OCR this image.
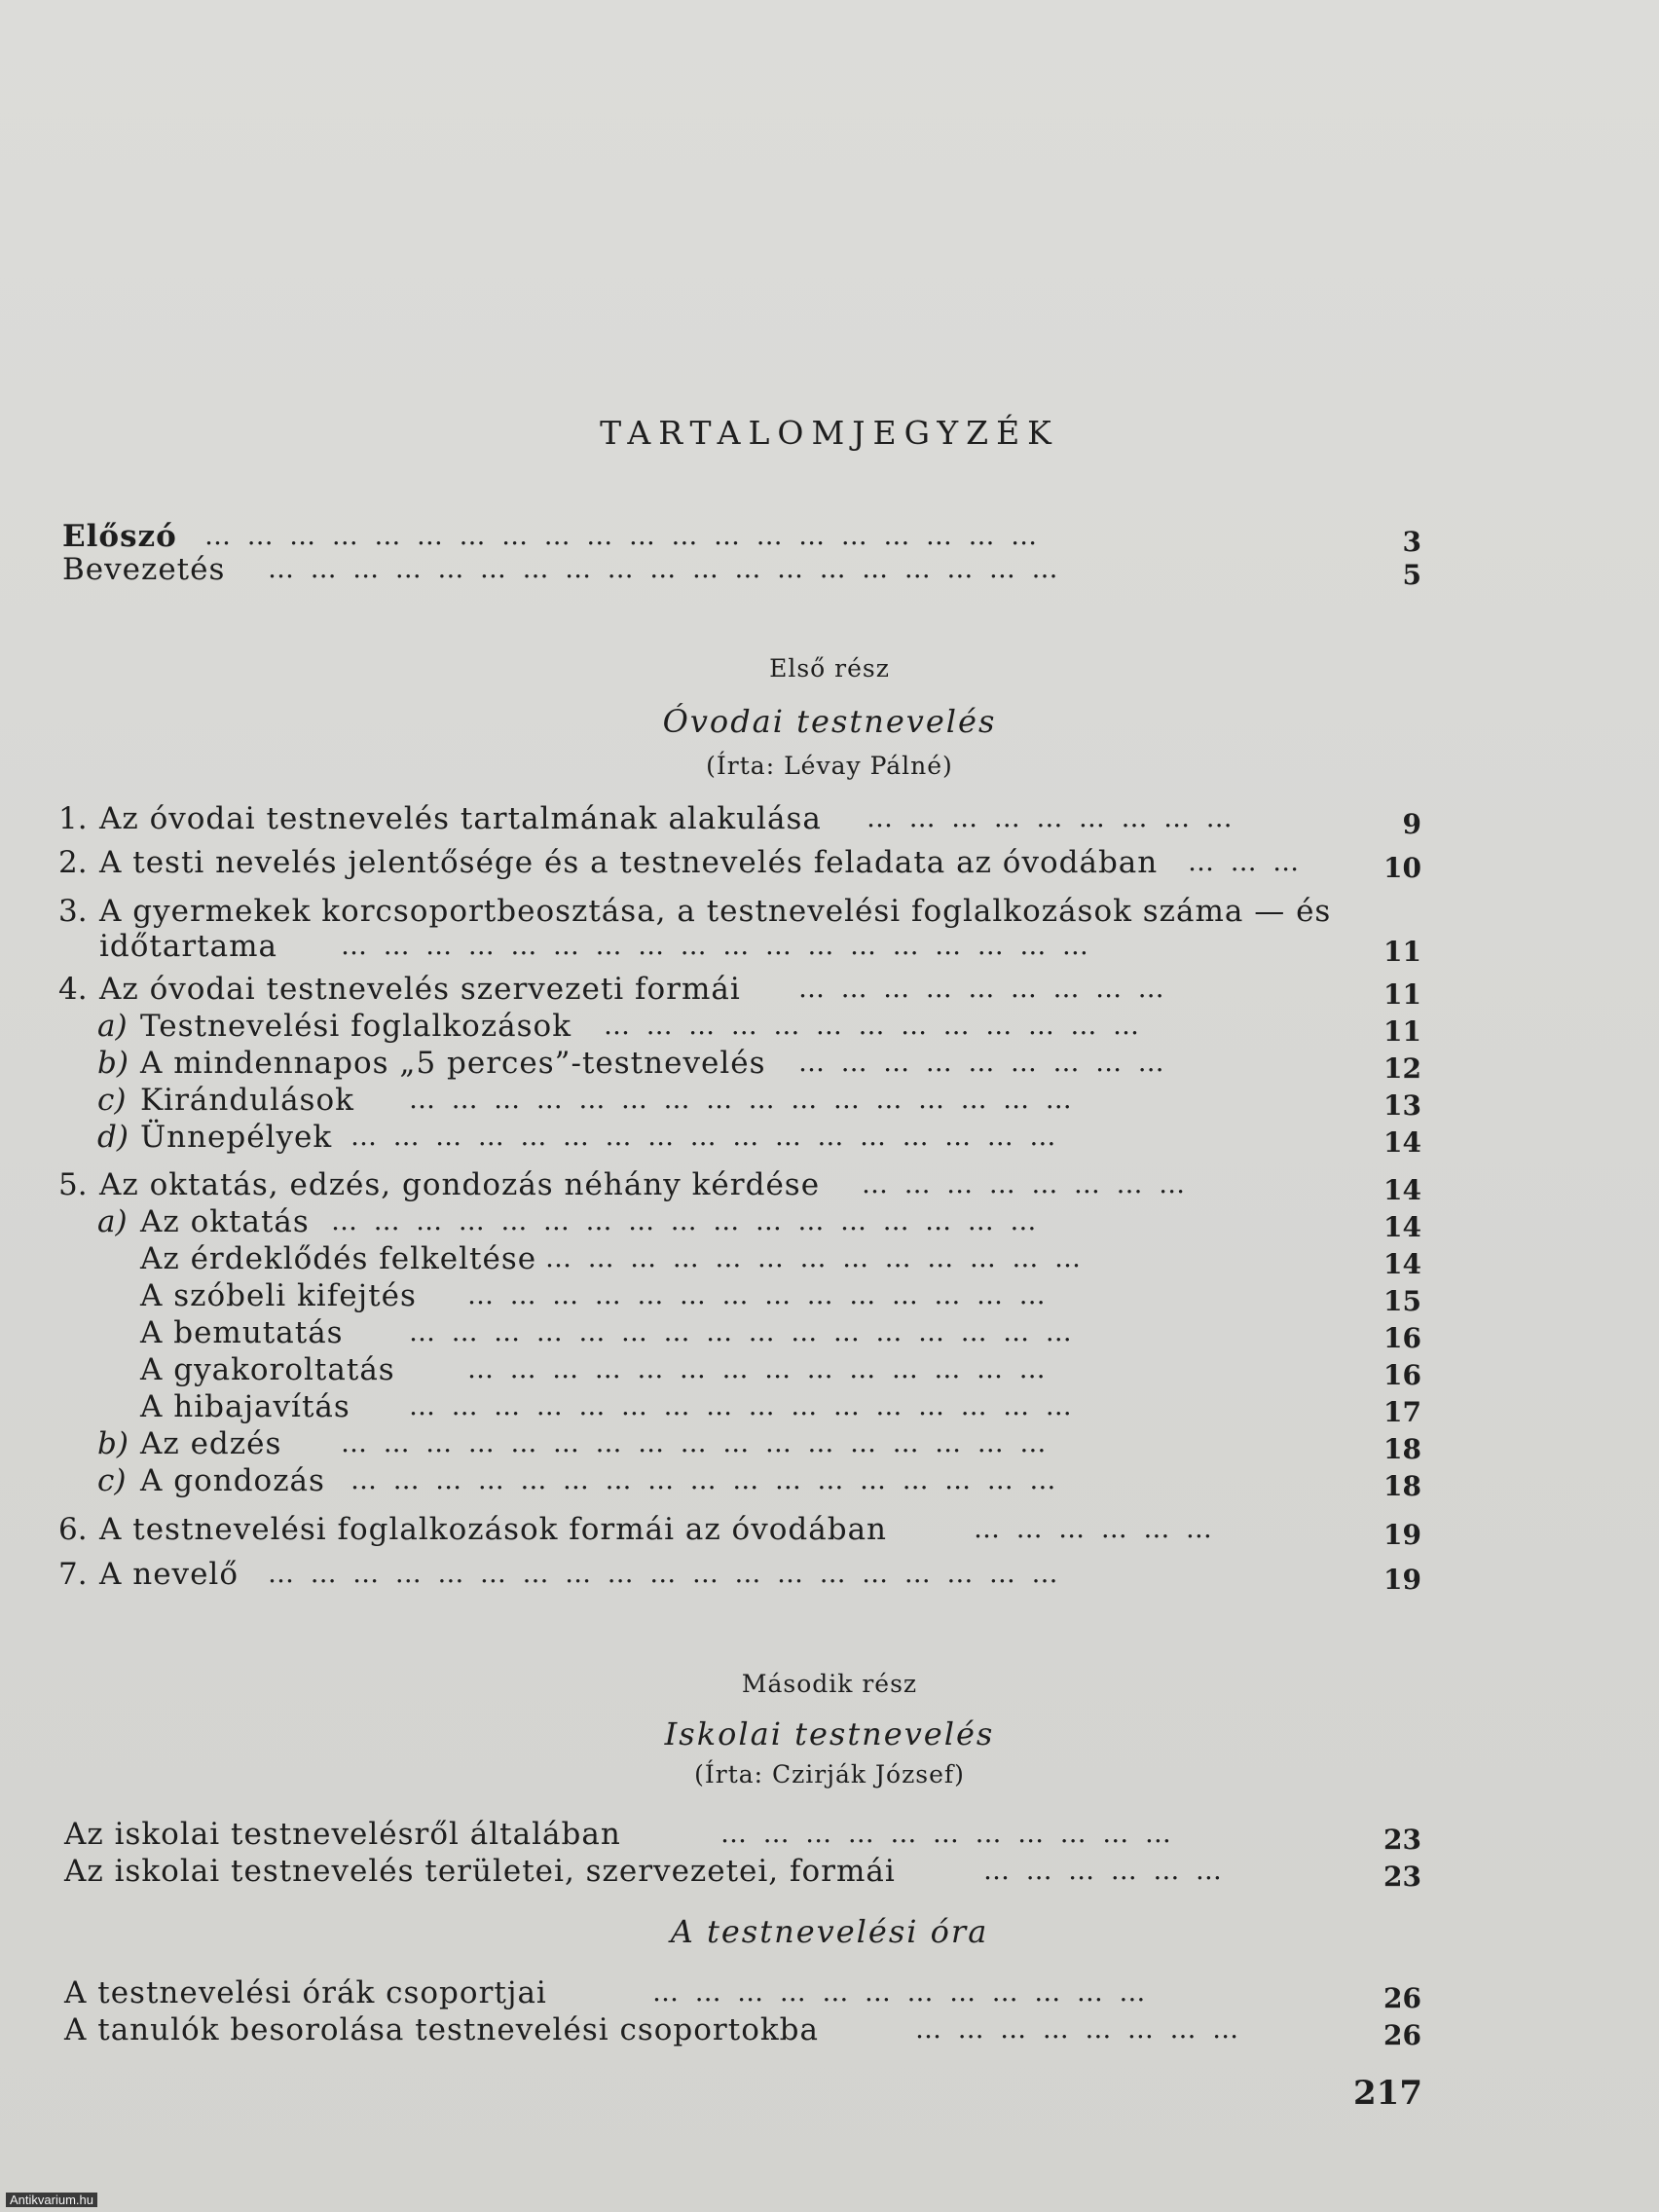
TARTALOMJEGYZÉK
Előszó … … … … … … … … … … … … … … … … … … … …	3
Bevezetés … … … … … … … … … … … … … … … … … … …	5
Első rész
Óvodai testnevelés
(Írta: Lévay Pálné)
1. Az óvodai testnevelés tartalmának alakulása … … … … … … … … …	9
2. A testi nevelés jelentősége és a testnevelés feladata az óvodában … … …	10
3. A gyermekek korcsoportbeosztása, a testnevelési foglalkozások száma — és
időtartama … … … … … … … … … … … … … … … … … …	11
4. Az óvodai testnevelés szervezeti formái … … … … … … … … …	11
a) Testnevelési foglalkozások … … … … … … … … … … … … …	11
b) A mindennapos „5 perces”-testnevelés … … … … … … … … …	12
c) Kirándulások … … … … … … … … … … … … … … … …	13
d) Ünnepélyek … … … … … … … … … … … … … … … … …	14
5. Az oktatás, edzés, gondozás néhány kérdése … … … … … … … …	14
a) Az oktatás … … … … … … … … … … … … … … … … …	14
Az érdeklődés felkeltése … … … … … … … … … … … … …	14
A szóbeli kifejtés … … … … … … … … … … … … … …	15
A bemutatás … … … … … … … … … … … … … … … …	16
A gyakoroltatás	… … … … … … … … … … … … … …	16
A hibajavítás … … … … … … … … … … … … … … … …	17
b) Az edzés … … … … … … … … … … … … … … … … …	18
c) A gondozás … … … … … … … … … … … … … … … … …	18
6. A testnevelési foglalkozások formái az óvodában	… … … … … …	19
7. A nevelő … … … … … … … … … … … … … … … … … … …	19
Második rész
Iskolai testnevelés
(Írta: Czirják József)
Az iskolai testnevelésről általában	… … … … … … … … … … …	23
Az iskolai testnevelés területei, szervezetei, formái	… … … … … …	23
A testnevelési óra
A testnevelési órák csoportjai	… … … … … … … … … … … …	26
A tanulók besorolása testnevelési csoportokba	… … … … … … … …	26
217
Antikvarium.hu
